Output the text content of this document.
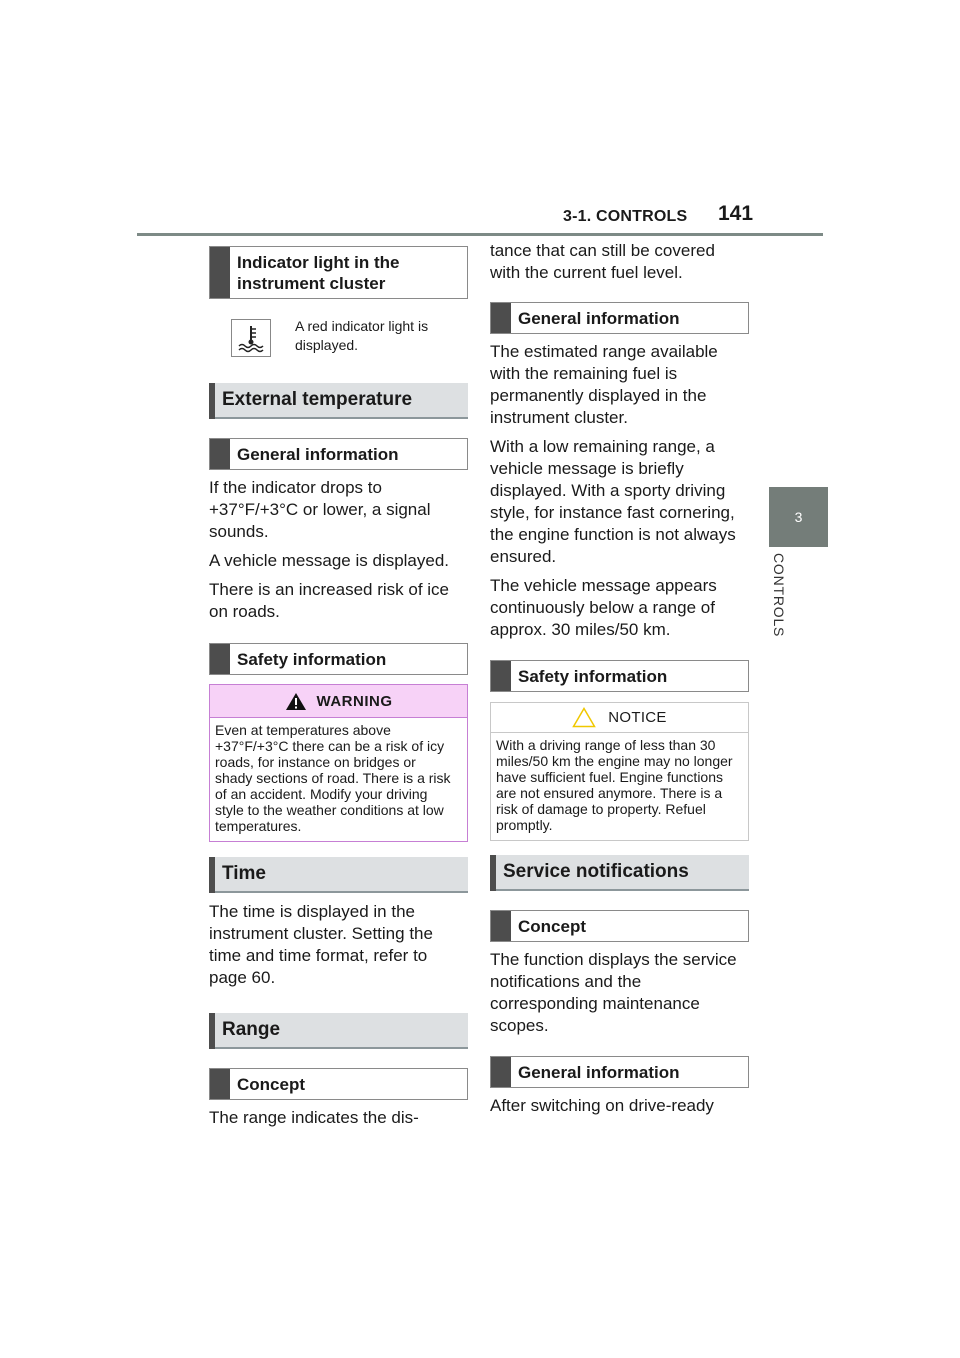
3-1. CONTROLS 141
3
CONTROLS
Indicator light in the instrument cluster
A red indicator light is displayed.
External temperature
General information

If the indicator drops to +37°F/+3°C or lower, a signal sounds.

A vehicle message is displayed.

There is an increased risk of ice on roads.

Safety information
WARNING
Even at temperatures above +37°F/+3°C there can be a risk of icy roads, for instance on bridges or shady sections of road. There is a risk of an accident. Modify your driving style to the weather conditions at low temperatures.
Time

The time is displayed in the instrument cluster. Setting the time and time format, refer to page 60.

Range
Concept

The range indicates the dis-

tance that can still be covered with the current fuel level.

General information

The estimated range available with the remaining fuel is permanently displayed in the instrument cluster.

With a low remaining range, a vehicle message is briefly displayed. With a sporty driving style, for instance fast cornering, the engine function is not always ensured.

The vehicle message appears continuously below a range of approx. 30 miles/50 km.

Safety information
NOTICE
With a driving range of less than 30 miles/50 km the engine may no longer have sufficient fuel. Engine functions are not ensured anymore. There is a risk of damage to property. Refuel promptly.
Service notifications
Concept

The function displays the service notifications and the corresponding maintenance scopes.

General information

After switching on drive-ready
